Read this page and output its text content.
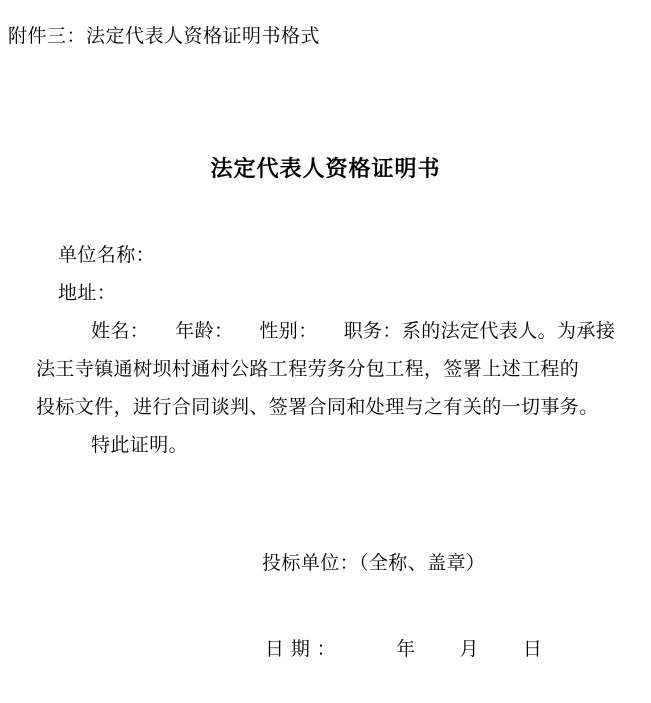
附件三：法定代表人资格证明书格式
法定代表人资格证明书
单位名称：
地址：
姓名： 年龄： 性别： 职务：系的法定代表人。为承接
法王寺镇通树坝村通村公路工程劳务分包工程，签署上述工程的
投标文件，进行合同谈判、签署合同和处理与之有关的一切事务。
特此证明。
投标单位：（全称、盖章）
日 期 ：	年 月 日
